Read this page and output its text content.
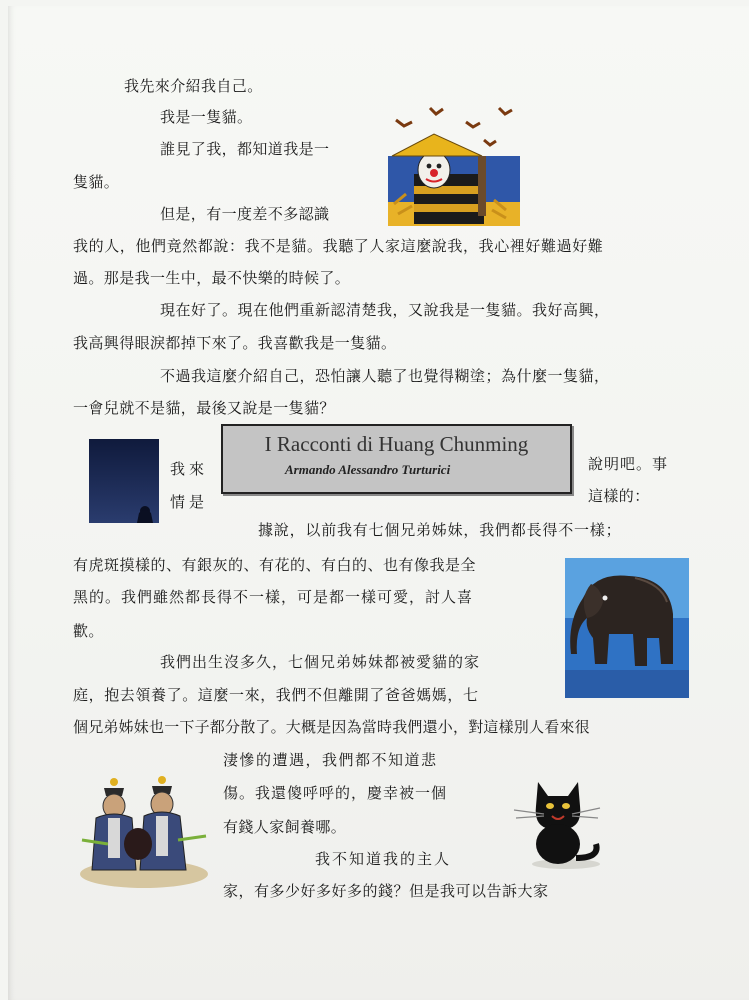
我先來介紹我自己。
我是一隻貓。
誰見了我，都知道我是一
隻貓。
但是，有一度差不多認識
我的人，他們竟然都說：我不是貓。我聽了人家這麼說我，我心裡好難過好難
過。那是我一生中，最不快樂的時候了。
現在好了。現在他們重新認清楚我，又說我是一隻貓。我好高興，
我高興得眼淚都掉下來了。我喜歡我是一隻貓。
不過我這麼介紹自己，恐怕讓人聽了也覺得糊塗；為什麼一隻貓，
一會兒就不是貓，最後又說是一隻貓？
我來	說明吧。事
情是	這樣的：
據說，以前我有七個兄弟姊妹，我們都長得不一樣；
有虎斑摸樣的、有銀灰的、有花的、有白的、也有像我是全
黑的。我們雖然都長得不一樣，可是都一樣可愛，討人喜
歡。
我們出生沒多久，七個兄弟姊妹都被愛貓的家
庭，抱去領養了。這麼一來，我們不但離開了爸爸媽媽，七
個兄弟姊妹也一下子都分散了。大概是因為當時我們還小，對這樣別人看來很
淒慘的遭遇，我們都不知道悲
傷。我還傻呼呼的，慶幸被一個
有錢人家飼養哪。
我不知道我的主人
家，有多少好多好多的錢？但是我可以告訴大家
I Racconti di Huang Chunming
Armando Alessandro Turturici
